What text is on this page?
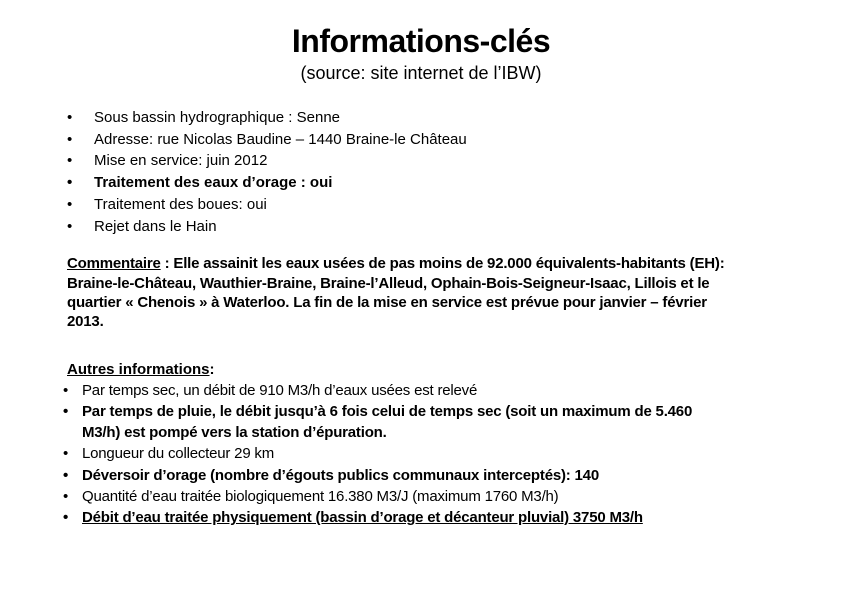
Informations-clés
(source: site internet de l’IBW)
•	Sous bassin hydrographique : Senne
•	Adresse: rue Nicolas Baudine – 1440 Braine-le Château
•	Mise en service: juin 2012
•	Traitement des eaux d’orage : oui
•	Traitement des boues: oui
•	Rejet dans le Hain
Commentaire : Elle assainit les eaux usées de pas moins de 92.000 équivalents-habitants (EH):
Braine-le-Château, Wauthier-Braine, Braine-l’Alleud, Ophain-Bois-Seigneur-Isaac, Lillois et le
quartier « Chenois » à Waterloo. La fin de la mise en service est prévue pour janvier – février
2013.
Autres informations:
• Par temps sec, un débit de 910 M3/h d’eaux usées est relevé
• Par temps de pluie, le débit jusqu’à 6 fois celui de temps sec (soit un maximum de 5.460
M3/h) est pompé vers la station d’épuration.
• Longueur du collecteur 29 km
• Déversoir d’orage (nombre d’égouts publics communaux interceptés): 140
• Quantité d’eau traitée biologiquement 16.380 M3/J (maximum 1760 M3/h)
• Débit d’eau traitée physiquement (bassin d’orage et décanteur pluvial) 3750 M3/h
